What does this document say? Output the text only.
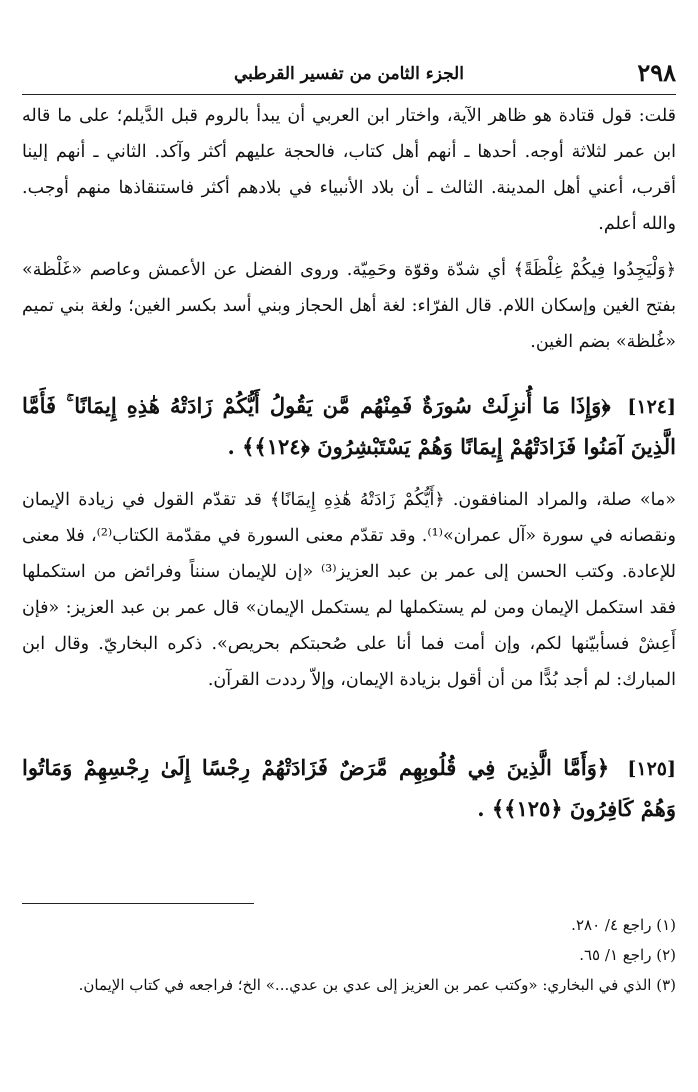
٢٩٨
الجزء الثامن من تفسير القرطبي

قلت: قول قتادة هو ظاهر الآية، واختار ابن العربي أن يبدأ بالروم قبل الدَّيلم؛ على ما قاله ابن عمر لثلاثة أوجه. أحدها ـ أنهم أهل كتاب، فالحجة عليهم أكثر وآكد. الثاني ـ أنهم إلينا أقرب، أعني أهل المدينة. الثالث ـ أن بلاد الأنبياء في بلادهم أكثر فاستنقاذها منهم أوجب. والله أعلم.

﴿وَلْيَجِدُوا فِيكُمْ غِلْظَةً﴾ أي شدّة وقوّة وحَمِيّة. وروى الفضل عن الأعمش وعاصم «غَلْظة» بفتح الغين وإسكان اللام. قال الفرّاء: لغة أهل الحجاز وبني أسد بكسر الغين؛ ولغة بني تميم «غُلظة» بضم الغين.

[١٢٤] ﴿وَإِذَا مَا أُنزِلَتْ سُورَةٌ فَمِنْهُم مَّن يَقُولُ أَيُّكُمْ زَادَتْهُ هَٰذِهِ إِيمَانًا ۚ فَأَمَّا الَّذِينَ آمَنُوا فَزَادَتْهُمْ إِيمَانًا وَهُمْ يَسْتَبْشِرُونَ ﴿١٢٤﴾﴾ .

«ما» صلة، والمراد المنافقون. ﴿أَيُّكُمْ زَادَتْهُ هَٰذِهِ إِيمَانًا﴾ قد تقدّم القول في زيادة الإيمان ونقصانه في سورة «آل عمران»⁽¹⁾. وقد تقدّم معنى السورة في مقدّمة الكتاب⁽²⁾، فلا معنى للإعادة. وكتب الحسن إلى عمر بن عبد العزيز⁽³⁾ «إن للإيمان سنناً وفرائض من استكملها فقد استكمل الإيمان ومن لم يستكملها لم يستكمل الإيمان» قال عمر بن عبد العزيز: «فإن أَعِشْ فسأبيّنها لكم، وإن أمت فما أنا على صُحبتكم بحريص». ذكره البخاريّ. وقال ابن المبارك: لم أجد بُدًّا من أن أقول بزيادة الإيمان، وإلاّ رددت القرآن.

[١٢٥] ﴿وَأَمَّا الَّذِينَ فِي قُلُوبِهِم مَّرَضٌ فَزَادَتْهُمْ رِجْسًا إِلَىٰ رِجْسِهِمْ وَمَاتُوا وَهُمْ كَافِرُونَ ﴿١٢٥﴾﴾ .

(١) راجع ٤/ ٢٨٠.

(٢) راجع ١/ ٦٥.

(٣) الذي في البخاري: «وكتب عمر بن العزيز إلى عدي بن عدي...» الخ؛ فراجعه في كتاب الإيمان.
